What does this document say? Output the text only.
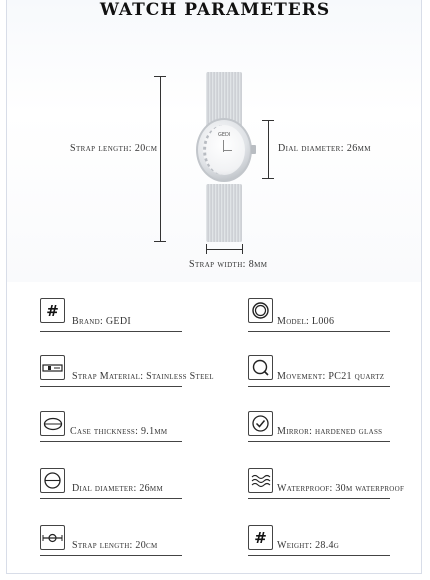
WATCH PARAMETERS
GEDI
Strap length: 20cm	Dial diameter: 26mm
Strap width: 8mm
#
Brand: GEDI	Model: L006
Strap Material: Stainless Steel	Movement: PC21 quartz
Case thickness: 9.1mm	Mirror: hardened glass
Dial diameter: 26mm	Waterproof: 30m waterproof
Strap length: 20cm	#	Weight: 28.4g
